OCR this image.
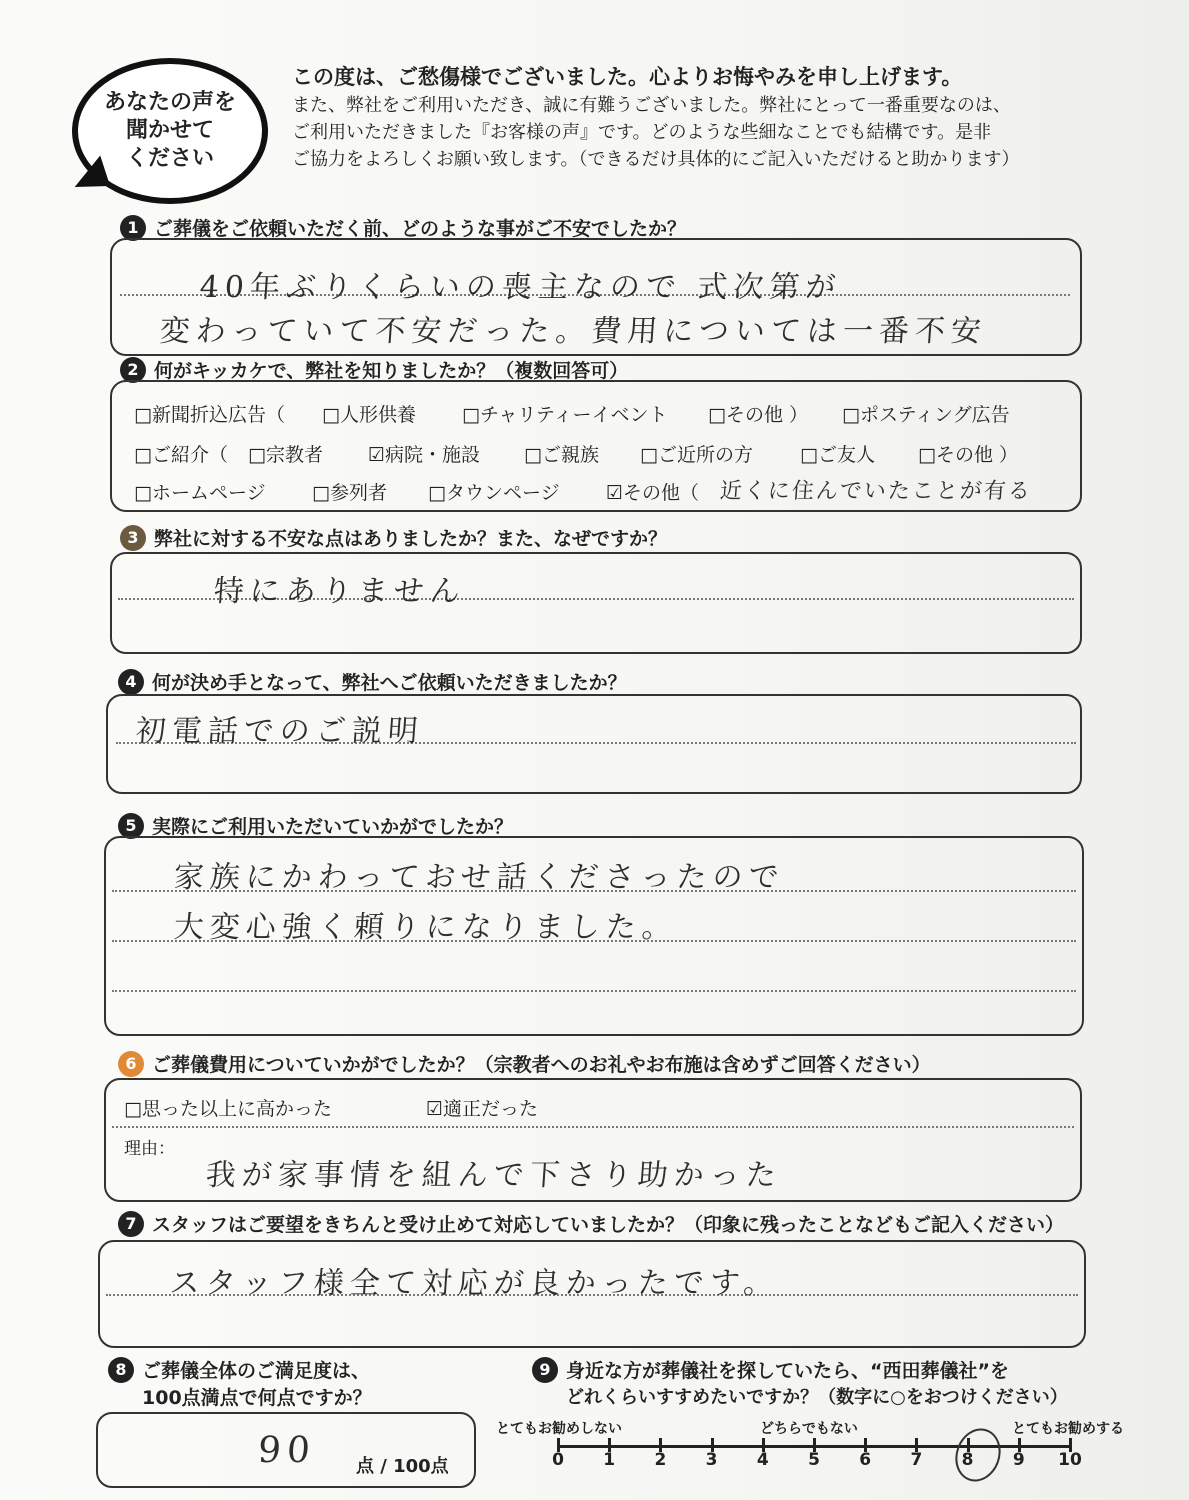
あなたの声を
聞かせて
ください
この度は、ご愁傷様でございました。心よりお悔やみを申し上げます。
また、弊社をご利用いただき、誠に有難うございました。弊社にとって一番重要なのは、
ご利用いただきました『お客様の声』です。どのような些細なことでも結構です。是非
ご協力をよろしくお願い致します。（できるだけ具体的にご記入いただけると助かります）
1 ご葬儀をご依頼いただく前、どのような事がご不安でしたか？
40年ぶりくらいの喪主なので 式次第が
変わっていて不安だった。費用については一番不安
2 何がキッカケで、弊社を知りましたか？（複数回答可）
□新聞折込広告（ □人形供養 □チャリティーイベント □その他 ） □ポスティング広告
□ご紹介（ □宗教者 ☑病院・施設 □ご親族 □ご近所の方 □ご友人 □その他 ）
□ホームページ □参列者 □タウンページ ☑その他（ 近くに住んでいたことが有る
3 弊社に対する不安な点はありましたか？また、なぜですか？
特にありません
4 何が決め手となって、弊社へご依頼いただきましたか？
初電話でのご説明
5 実際にご利用いただいていかがでしたか？
家族にかわっておせ話くださったので
大変心強く頼りになりました。
6 ご葬儀費用についていかがでしたか？（宗教者へのお礼やお布施は含めずご回答ください）
□思った以上に高かった	☑適正だった
理由：
我が家事情を組んで下さり助かった
7 スタッフはご要望をきちんと受け止めて対応していましたか？（印象に残ったことなどもご記入ください）
スタッフ様全て対応が良かったです。
8 ご葬儀全体のご満足度は、
100点満点で何点ですか？
90 点 / 100点
9 身近な方が葬儀社を探していたら、“西田葬儀社”を
どれくらいすすめたいですか？（数字に○をおつけください）
とてもお勧めしない	どちらでもない	とてもお勧めする
0	1	2	3	4	5	6	7	8	9	10
